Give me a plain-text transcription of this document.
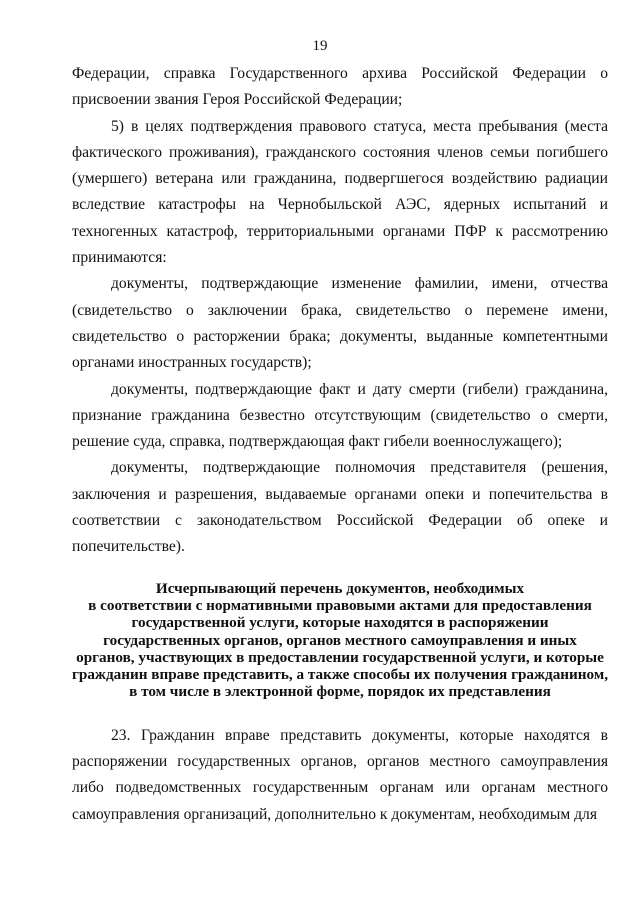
19

Федерации, справка Государственного архива Российской Федерации о присвоении звания Героя Российской Федерации;

5) в целях подтверждения правового статуса, места пребывания (места фактического проживания), гражданского состояния членов семьи погибшего (умершего) ветерана или гражданина, подвергшегося воздействию радиации вследствие катастрофы на Чернобыльской АЭС, ядерных испытаний и техногенных катастроф, территориальными органами ПФР к рассмотрению принимаются:

документы, подтверждающие изменение фамилии, имени, отчества (свидетельство о заключении брака, свидетельство о перемене имени, свидетельство о расторжении брака; документы, выданные компетентными органами иностранных государств);

документы, подтверждающие факт и дату смерти (гибели) гражданина, признание гражданина безвестно отсутствующим (свидетельство о смерти, решение суда, справка, подтверждающая факт гибели военнослужащего);

документы, подтверждающие полномочия представителя (решения, заключения и разрешения, выдаваемые органами опеки и попечительства в соответствии с законодательством Российской Федерации об опеке и попечительстве).

Исчерпывающий перечень документов, необходимых
в соответствии с нормативными правовыми актами для предоставления
государственной услуги, которые находятся в распоряжении
государственных органов, органов местного самоуправления и иных
органов, участвующих в предоставлении государственной услуги, и которые
гражданин вправе представить, а также способы их получения гражданином,
в том числе в электронной форме, порядок их представления

23. Гражданин вправе представить документы, которые находятся в распоряжении государственных органов, органов местного самоуправления либо подведомственных государственным органам или органам местного самоуправления организаций, дополнительно к документам, необходимым для
